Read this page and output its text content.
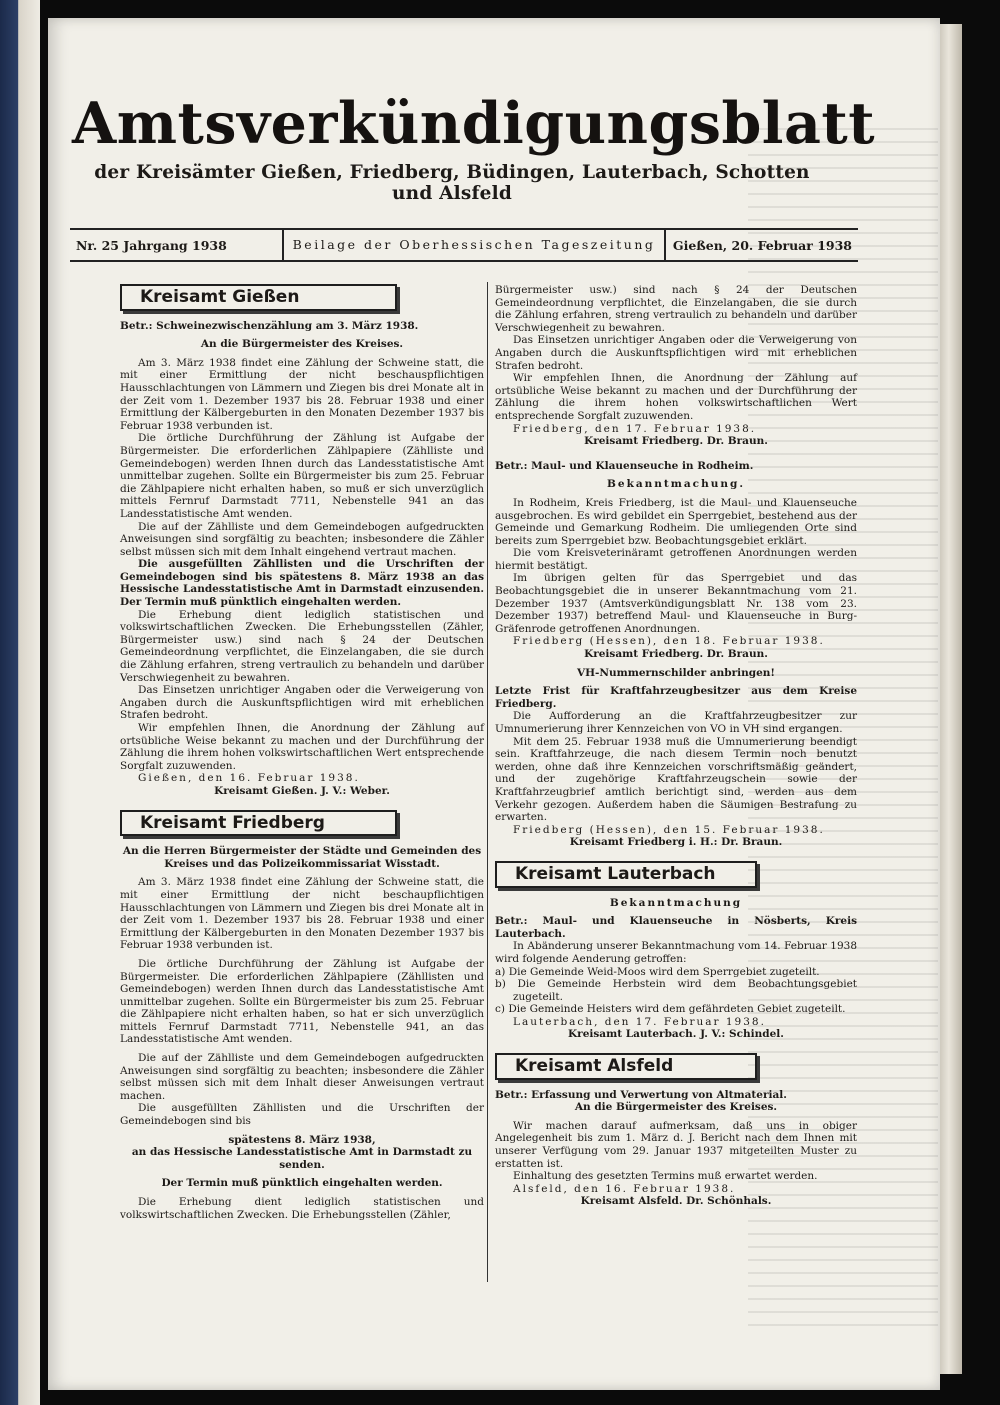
Amtsverkündigungsblatt
der Kreisämter Gießen, Friedberg, Büdingen, Lauterbach, Schotten und Alsfeld
Nr. 25 Jahrgang 1938	Beilage der Oberhessischen Tageszeitung	Gießen, 20. Februar 1938
Kreisamt Gießen
Betr.: Schweinezwischenzählung am 3. März 1938.
An die Bürgermeister des Kreises.

Am 3. März 1938 findet eine Zählung der Schweine statt, die mit einer Ermittlung der nicht beschauspflichtigen Hausschlachtungen von Lämmern und Ziegen bis drei Monate alt in der Zeit vom 1. Dezember 1937 bis 28. Februar 1938 und einer Ermittlung der Kälbergeburten in den Monaten Dezember 1937 bis Februar 1938 verbunden ist.

Die örtliche Durchführung der Zählung ist Aufgabe der Bürgermeister. Die erforderlichen Zählpapiere (Zählliste und Gemeindebogen) werden Ihnen durch das Landesstatistische Amt unmittelbar zugehen. Sollte ein Bürgermeister bis zum 25. Februar die Zählpapiere nicht erhalten haben, so muß er sich unverzüglich mittels Fernruf Darmstadt 7711, Nebenstelle 941 an das Landesstatistische Amt wenden.

Die auf der Zählliste und dem Gemeindebogen aufgedruckten Anweisungen sind sorgfältig zu beachten; insbesondere die Zähler selbst müssen sich mit dem Inhalt eingehend vertraut machen.

Die ausgefüllten Zähllisten und die Urschriften der Gemeindebogen sind bis spätestens 8. März 1938 an das Hessische Landesstatistische Amt in Darmstadt einzusenden. Der Termin muß pünktlich eingehalten werden.

Die Erhebung dient lediglich statistischen und volkswirtschaftlichen Zwecken. Die Erhebungsstellen (Zähler, Bürgermeister usw.) sind nach § 24 der Deutschen Gemeindeordnung verpflichtet, die Einzelangaben, die sie durch die Zählung erfahren, streng vertraulich zu behandeln und darüber Verschwiegenheit zu bewahren.

Das Einsetzen unrichtiger Angaben oder die Verweigerung von Angaben durch die Auskunftspflichtigen wird mit erheblichen Strafen bedroht.

Wir empfehlen Ihnen, die Anordnung der Zählung auf ortsübliche Weise bekannt zu machen und der Durchführung der Zählung die ihrem hohen volkswirtschaftlichen Wert entsprechende Sorgfalt zuzuwenden.

Gießen, den 16. Februar 1938.

Kreisamt Gießen. J. V.: Weber.
Kreisamt Friedberg
An die Herren Bürgermeister der Städte und Gemeinden des Kreises und das Polizeikommissariat Wisstadt.

Am 3. März 1938 findet eine Zählung der Schweine statt, die mit einer Ermittlung der nicht beschaupflichtigen Hausschlachtungen von Lämmern und Ziegen bis drei Monate alt in der Zeit vom 1. Dezember 1937 bis 28. Februar 1938 und einer Ermittlung der Kälbergeburten in den Monaten Dezember 1937 bis Februar 1938 verbunden ist.

Die örtliche Durchführung der Zählung ist Aufgabe der Bürgermeister. Die erforderlichen Zählpapiere (Zähllisten und Gemeindebogen) werden Ihnen durch das Landesstatistische Amt unmittelbar zugehen. Sollte ein Bürgermeister bis zum 25. Februar die Zählpapiere nicht erhalten haben, so hat er sich unverzüglich mittels Fernruf Darmstadt 7711, Nebenstelle 941, an das Landesstatistische Amt wenden.

Die auf der Zählliste und dem Gemeindebogen aufgedruckten Anweisungen sind sorgfältig zu beachten; insbesondere die Zähler selbst müssen sich mit dem Inhalt dieser Anweisungen vertraut machen.

Die ausgefüllten Zähllisten und die Urschriften der Gemeindebogen sind bis

spätestens 8. März 1938,
an das Hessische Landesstatistische Amt in Darmstadt zu senden.
Der Termin muß pünktlich eingehalten werden.

Die Erhebung dient lediglich statistischen und volkswirtschaftlichen Zwecken. Die Erhebungsstellen (Zähler,

Bürgermeister usw.) sind nach § 24 der Deutschen Gemeindeordnung verpflichtet, die Einzelangaben, die sie durch die Zählung erfahren, streng vertraulich zu behandeln und darüber Verschwiegenheit zu bewahren.

Das Einsetzen unrichtiger Angaben oder die Verweigerung von Angaben durch die Auskunftspflichtigen wird mit erheblichen Strafen bedroht.

Wir empfehlen Ihnen, die Anordnung der Zählung auf ortsübliche Weise bekannt zu machen und der Durchführung der Zählung die ihrem hohen volkswirtschaftlichen Wert entsprechende Sorgfalt zuzuwenden.

Friedberg, den 17. Februar 1938.

Kreisamt Friedberg. Dr. Braun.
Betr.: Maul- und Klauenseuche in Rodheim.
Bekanntmachung.

In Rodheim, Kreis Friedberg, ist die Maul- und Klauenseuche ausgebrochen. Es wird gebildet ein Sperrgebiet, bestehend aus der Gemeinde und Gemarkung Rodheim. Die umliegenden Orte sind bereits zum Sperrgebiet bzw. Beobachtungsgebiet erklärt.

Die vom Kreisveterinäramt getroffenen Anordnungen werden hiermit bestätigt.

Im übrigen gelten für das Sperrgebiet und das Beobachtungsgebiet die in unserer Bekanntmachung vom 21. Dezember 1937 (Amtsverkündigungsblatt Nr. 138 vom 23. Dezember 1937) betreffend Maul- und Klauenseuche in Burg-Gräfenrode getroffenen Anordnungen.

Friedberg (Hessen), den 18. Februar 1938.

Kreisamt Friedberg. Dr. Braun.
VH-Nummernschilder anbringen!
Letzte Frist für Kraftfahrzeugbesitzer aus dem Kreise Friedberg.

Die Aufforderung an die Kraftfahrzeugbesitzer zur Umnumerierung ihrer Kennzeichen von VO in VH sind ergangen.

Mit dem 25. Februar 1938 muß die Umnumerierung beendigt sein. Kraftfahrzeuge, die nach diesem Termin noch benutzt werden, ohne daß ihre Kennzeichen vorschriftsmäßig geändert, und der zugehörige Kraftfahrzeugschein sowie der Kraftfahrzeugbrief amtlich berichtigt sind, werden aus dem Verkehr gezogen. Außerdem haben die Säumigen Bestrafung zu erwarten.

Friedberg (Hessen), den 15. Februar 1938.

Kreisamt Friedberg i. H.: Dr. Braun.
Kreisamt Lauterbach
Bekanntmachung
Betr.: Maul- und Klauenseuche in Nösberts, Kreis Lauterbach.

In Abänderung unserer Bekanntmachung vom 14. Februar 1938 wird folgende Aenderung getroffen:

a) Die Gemeinde Weid-Moos wird dem Sperrgebiet zugeteilt.
b) Die Gemeinde Herbstein wird dem Beobachtungsgebiet zugeteilt.
c) Die Gemeinde Heisters wird dem gefährdeten Gebiet zugeteilt.

Lauterbach, den 17. Februar 1938.

Kreisamt Lauterbach. J. V.: Schindel.
Kreisamt Alsfeld
Betr.: Erfassung und Verwertung von Altmaterial.
An die Bürgermeister des Kreises.

Wir machen darauf aufmerksam, daß uns in obiger Angelegenheit bis zum 1. März d. J. Bericht nach dem Ihnen mit unserer Verfügung vom 29. Januar 1937 mitgeteilten Muster zu erstatten ist.

Einhaltung des gesetzten Termins muß erwartet werden.

Alsfeld, den 16. Februar 1938.

Kreisamt Alsfeld. Dr. Schönhals.
